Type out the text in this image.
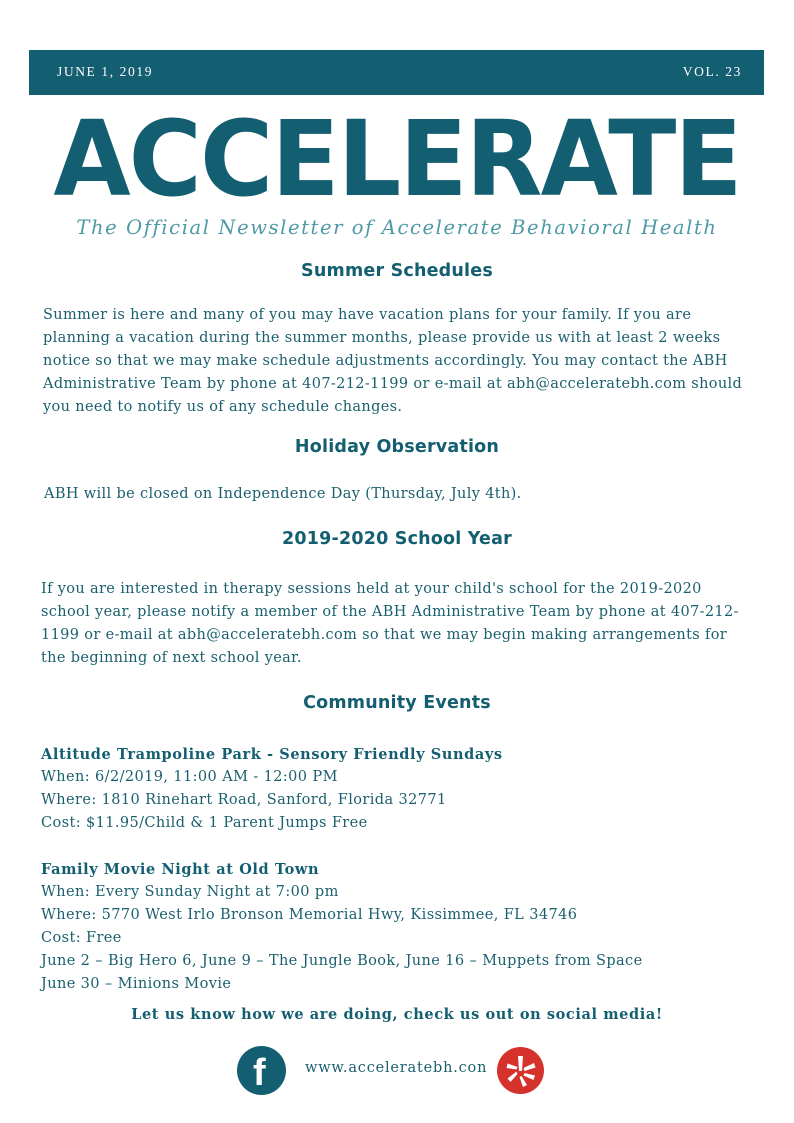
JUNE 1, 2019	VOL. 23
ACCELERATE
The Official Newsletter of Accelerate Behavioral Health
Summer Schedules
Summer is here and many of you may have vacation plans for your family. If you are
planning a vacation during the summer months, please provide us with at least 2 weeks
notice so that we may make schedule adjustments accordingly. You may contact the ABH
Administrative Team by phone at 407-212-1199 or e-mail at abh@acceleratebh.com should
you need to notify us of any schedule changes.
Holiday Observation
ABH will be closed on Independence Day (Thursday, July 4th).
2019-2020 School Year
If you are interested in therapy sessions held at your child's school for the 2019-2020
school year, please notify a member of the ABH Administrative Team by phone at 407-212-
1199 or e-mail at abh@acceleratebh.com so that we may begin making arrangements for
the beginning of next school year.
Community Events
Altitude Trampoline Park - Sensory Friendly Sundays
When: 6/2/2019, 11:00 AM - 12:00 PM
Where: 1810 Rinehart Road, Sanford, Florida 32771
Cost: $11.95/Child & 1 Parent Jumps Free
Family Movie Night at Old Town
When: Every Sunday Night at 7:00 pm
Where: 5770 West Irlo Bronson Memorial Hwy, Kissimmee, FL 34746
Cost: Free
June 2 – Big Hero 6, June 9 – The Jungle Book, June 16 – Muppets from Space
June 30 – Minions Movie
Let us know how we are doing, check us out on social media!
f	www.acceleratebh.con
